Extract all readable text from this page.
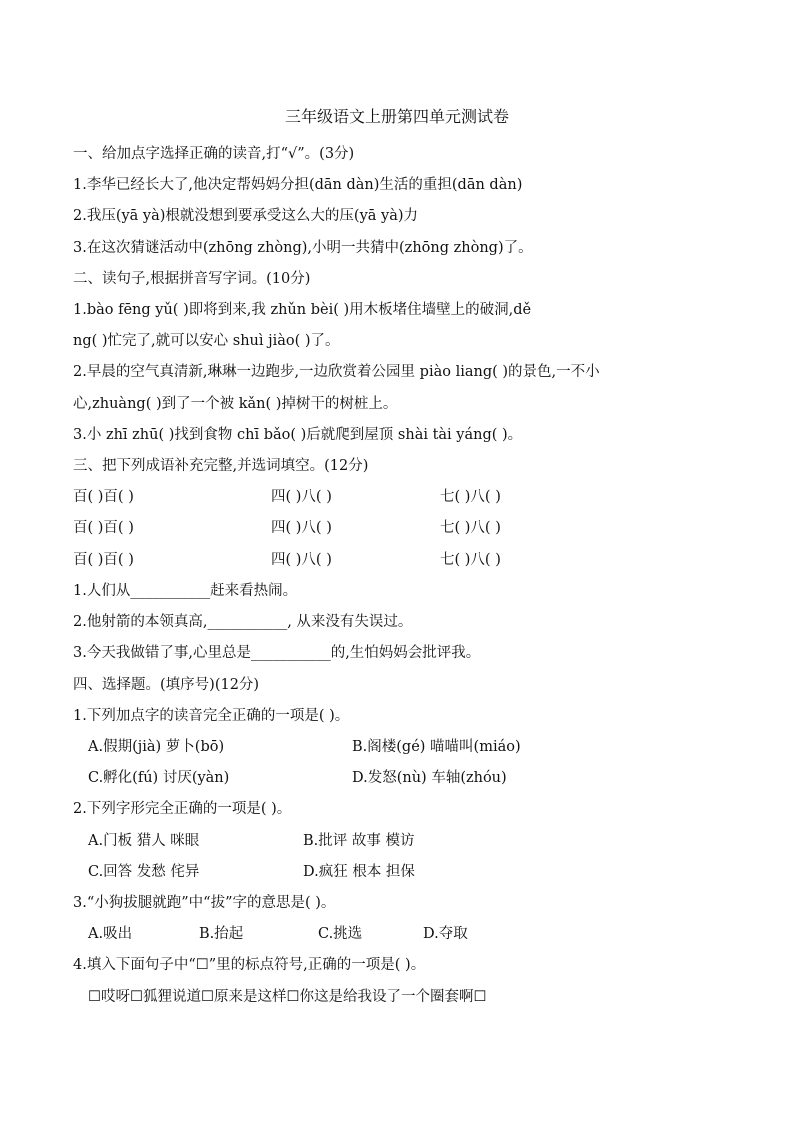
三年级语文上册第四单元测试卷
一、给加点字选择正确的读音,打“√”。(3分)
1.李华已经长大了,他决定帮妈妈分担(dān dàn)生活的重担(dān dàn)
2.我压(yā yà)根就没想到要承受这么大的压(yā yà)力
3.在这次猜谜活动中(zhōng zhòng),小明一共猜中(zhōng zhòng)了。
二、读句子,根据拼音写字词。(10分)
1.bào fēng yǔ( )即将到来,我 zhǔn bèi( )用木板堵住墙壁上的破洞,dě
ng( )忙完了,就可以安心 shuì jiào( )了。
2.早晨的空气真清新,琳琳一边跑步,一边欣赏着公园里 piào liang( )的景色,一不小
心,zhuàng( )到了一个被 kǎn( )掉树干的树桩上。
3.小 zhī zhū( )找到食物 chī bǎo( )后就爬到屋顶 shài tài yáng( )。
三、把下列成语补充完整,并选词填空。(12分)
百( )百( )	四( )八( )	七( )八( )
百( )百( )	四( )八( )	七( )八( )
百( )百( )	四( )八( )	七( )八( )
1.人们从___________赶来看热闹。
2.他射箭的本领真高,___________, 从来没有失误过。
3.今天我做错了事,心里总是___________的,生怕妈妈会批评我。
四、选择题。(填序号)(12分)
1.下列加点字的读音完全正确的一项是( )。
A.假期(jià) 萝卜(bō)	B.阁楼(gé) 喵喵叫(miáo)
C.孵化(fú) 讨厌(yàn)	D.发怒(nù) 车轴(zhóu)
2.下列字形完全正确的一项是( )。
A.门板 猎人 咪眼	B.批评 故事 模访
C.回答 发愁 侘异	D.疯狂 根本 担保
3.“小狗拔腿就跑”中“拔”字的意思是( )。
A.吸出	B.抬起	C.挑选	D.夺取
4.填入下面句子中“☐”里的标点符号,正确的一项是( )。
☐哎呀☐狐狸说道☐原来是这样☐你这是给我设了一个圈套啊☐
